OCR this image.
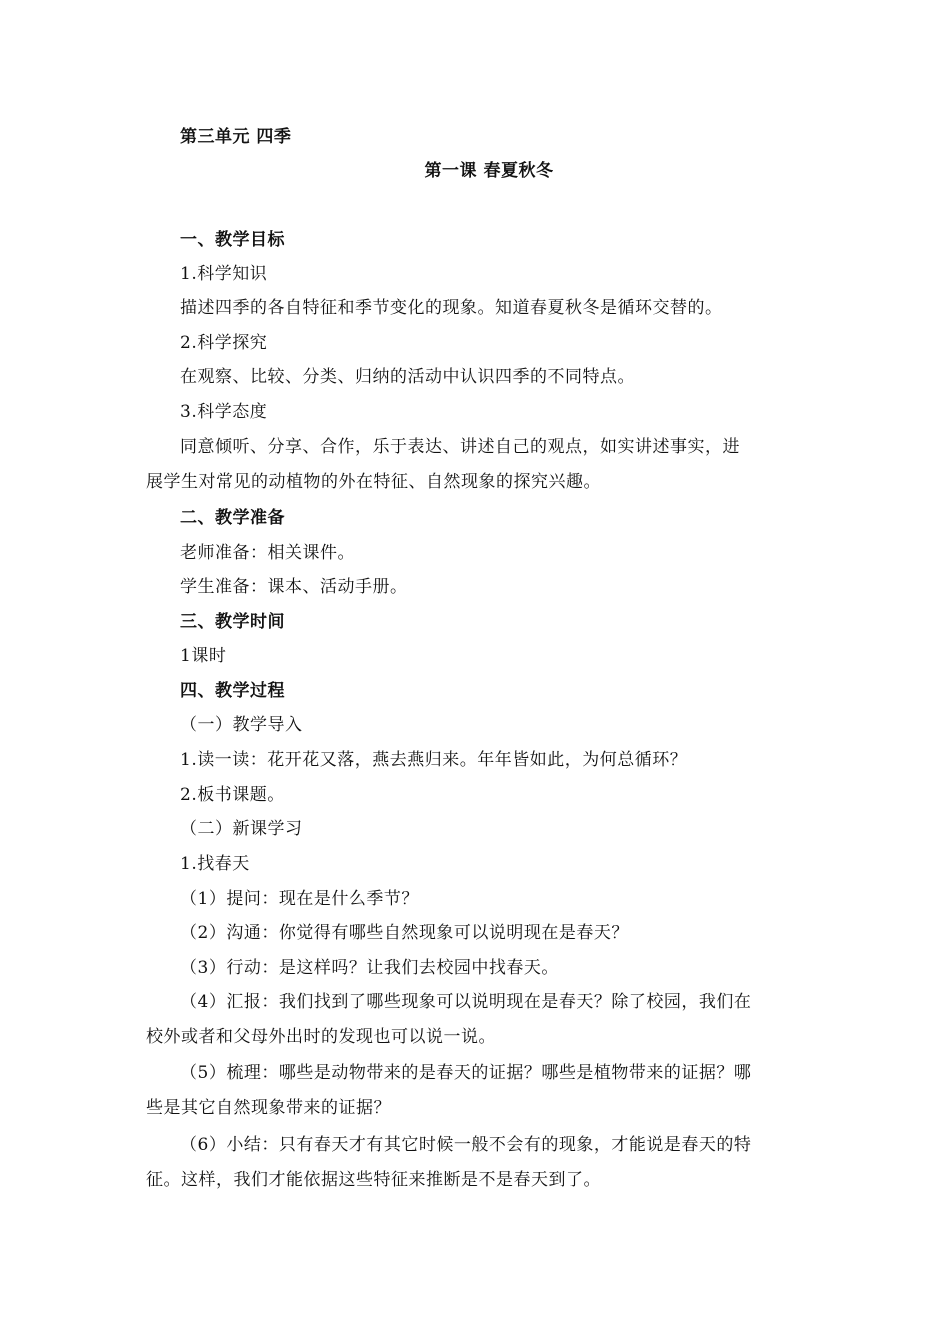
第三单元 四季
第一课 春夏秋冬
一、教学目标
1.科学知识
描述四季的各自特征和季节变化的现象。知道春夏秋冬是循环交替的。
2.科学探究
在观察、比较、分类、归纳的活动中认识四季的不同特点。
3.科学态度
同意倾听、分享、合作，乐于表达、讲述自己的观点，如实讲述事实，进
展学生对常见的动植物的外在特征、自然现象的探究兴趣。
二、教学准备
老师准备：相关课件。
学生准备：课本、活动手册。
三、教学时间
1课时
四、教学过程
（一）教学导入
1.读一读：花开花又落，燕去燕归来。年年皆如此，为何总循环？
2.板书课题。
（二）新课学习
1.找春天
（1）提问：现在是什么季节？
（2）沟通：你觉得有哪些自然现象可以说明现在是春天？
（3）行动：是这样吗？让我们去校园中找春天。
（4）汇报：我们找到了哪些现象可以说明现在是春天？除了校园，我们在
校外或者和父母外出时的发现也可以说一说。
（5）梳理：哪些是动物带来的是春天的证据？哪些是植物带来的证据？哪
些是其它自然现象带来的证据？
（6）小结：只有春天才有其它时候一般不会有的现象，才能说是春天的特
征。这样，我们才能依据这些特征来推断是不是春天到了。
